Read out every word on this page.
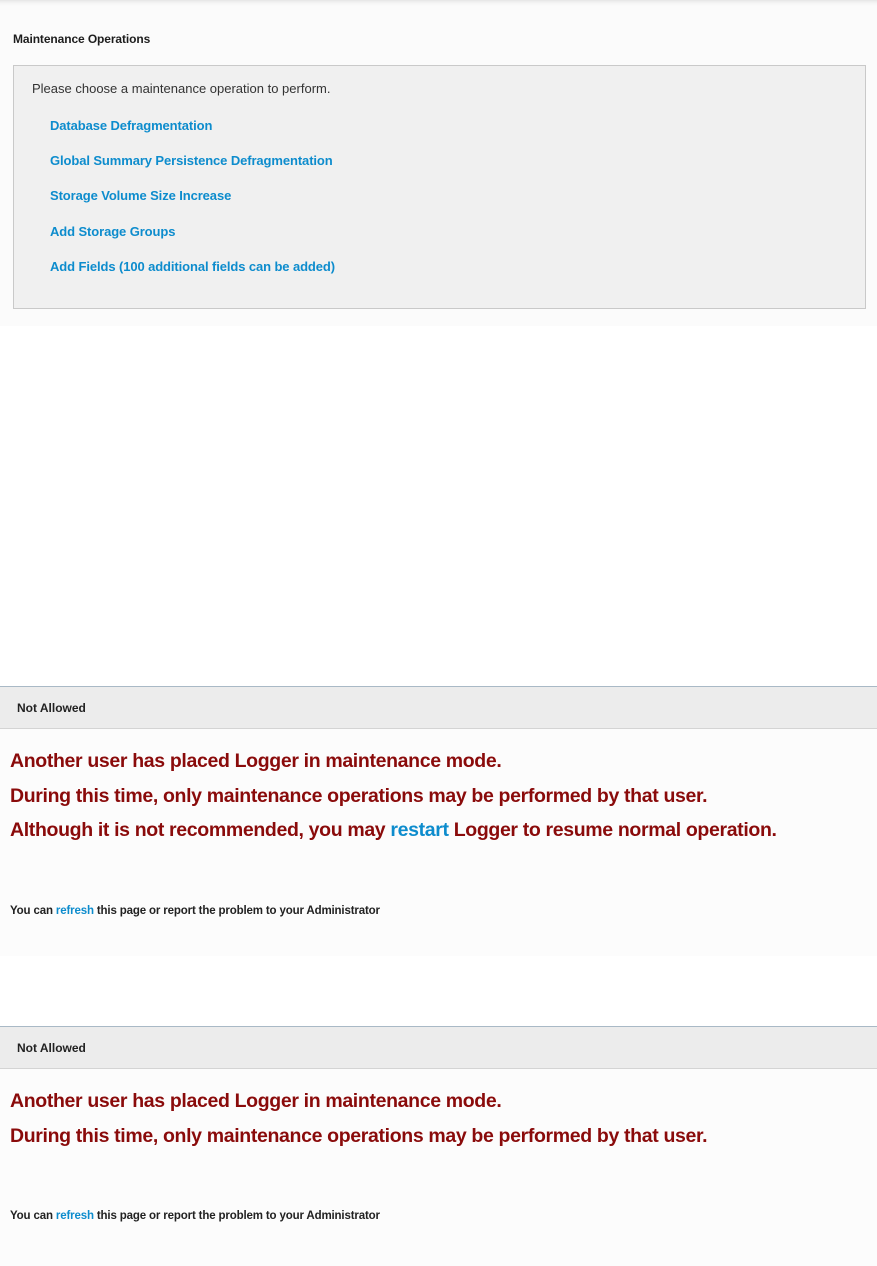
Maintenance Operations
Please choose a maintenance operation to perform.
Database Defragmentation
Global Summary Persistence Defragmentation
Storage Volume Size Increase
Add Storage Groups
Add Fields (100 additional fields can be added)
Not Allowed
Another user has placed Logger in maintenance mode.
During this time, only maintenance operations may be performed by that user.
Although it is not recommended, you may restart Logger to resume normal operation.
You can refresh this page or report the problem to your Administrator
Not Allowed
Another user has placed Logger in maintenance mode.
During this time, only maintenance operations may be performed by that user.
You can refresh this page or report the problem to your Administrator
